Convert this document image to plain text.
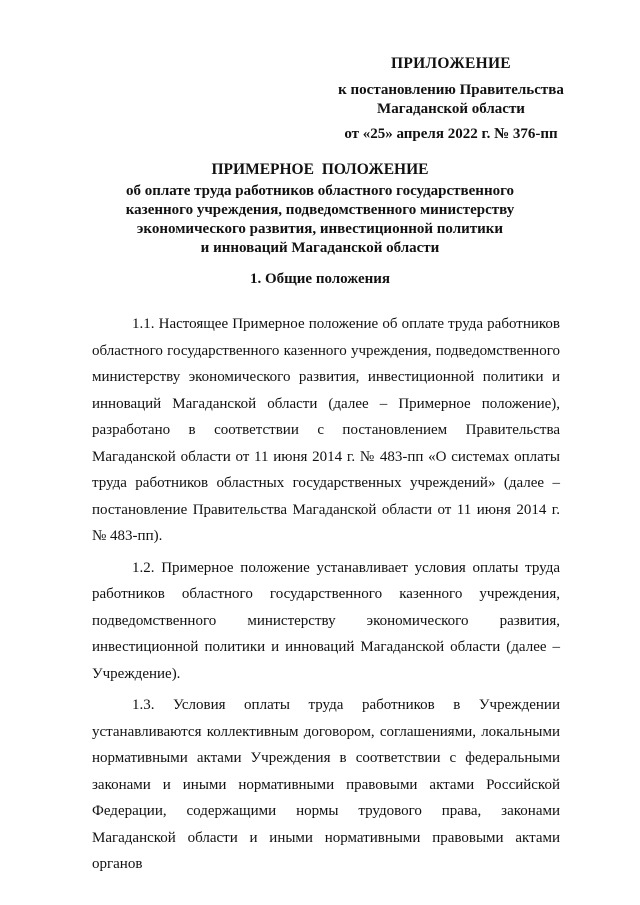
ПРИЛОЖЕНИЕ
к постановлению Правительства
Магаданской области
от «25» апреля 2022 г. № 376-пп
ПРИМЕРНОЕ ПОЛОЖЕНИЕ
об оплате труда работников областного государственного
казенного учреждения, подведомственного министерству
экономического развития, инвестиционной политики
и инноваций Магаданской области
1. Общие положения

1.1. Настоящее Примерное положение об оплате труда работников областного государственного казенного учреждения, подведомственного министерству экономического развития, инвестиционной политики и инноваций Магаданской области (далее – Примерное положение), разработано в соответствии с постановлением Правительства Магаданской области от 11 июня 2014 г. № 483-пп «О системах оплаты труда работников областных государственных учреждений» (далее – постановление Правительства Магаданской области от 11 июня 2014 г. № 483-пп).

1.2. Примерное положение устанавливает условия оплаты труда работников областного государственного казенного учреждения, подведомственного министерству экономического развития, инвестиционной политики и инноваций Магаданской области (далее – Учреждение).

1.3. Условия оплаты труда работников в Учреждении устанавливаются коллективным договором, соглашениями, локальными нормативными актами Учреждения в соответствии с федеральными законами и иными нормативными правовыми актами Российской Федерации, содержащими нормы трудового права, законами Магаданской области и иными нормативными правовыми актами органов
